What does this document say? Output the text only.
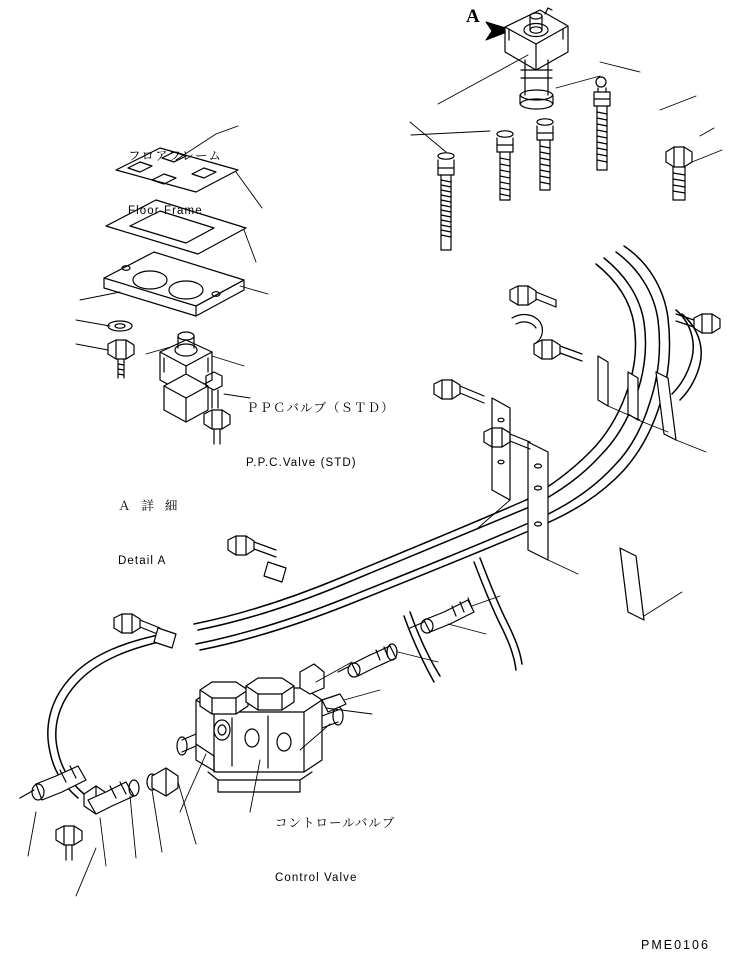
A

フロアフレーム

Floor Frame

ＰＰＣバルブ（ＳＴＤ）

P.P.C.Valve (STD)

Ａ  詳  細

Detail A

コントロールバルブ

Control Valve

PME0106
